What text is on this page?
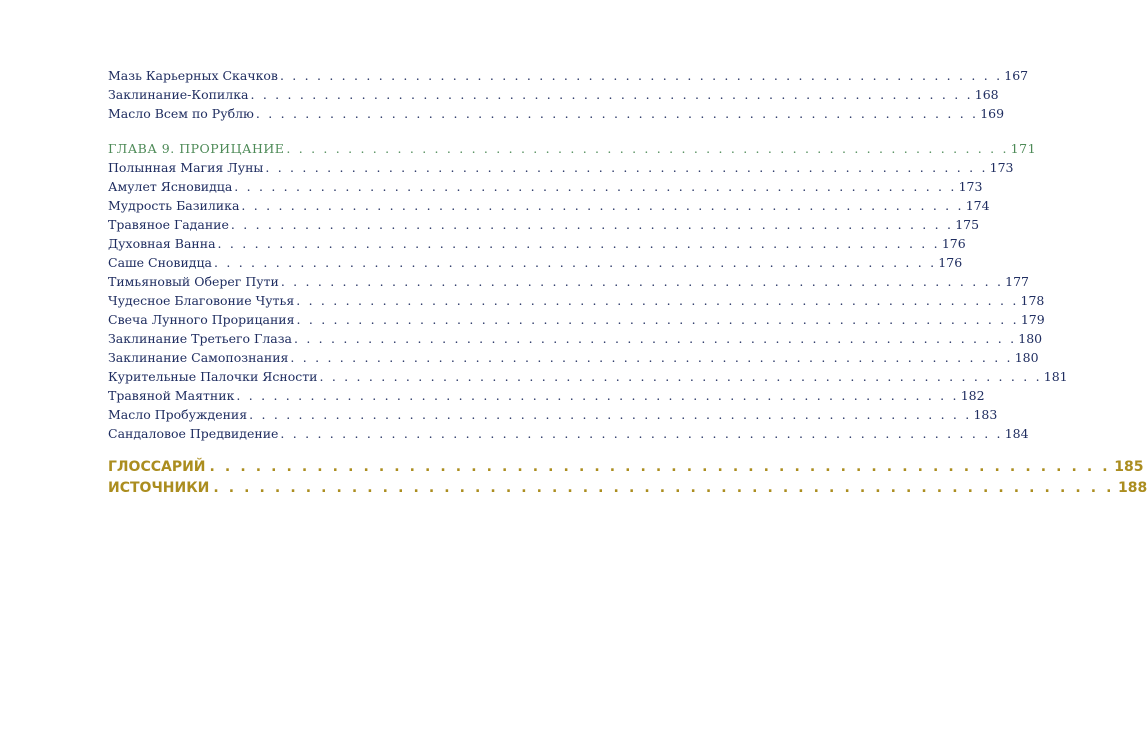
Мазь Карьерных Скачков . . . . . . . . . . . . . . . . . . . . . . . . . . . . . . . . . . . . . . . . . . . . . . . . . . . . . . . . . . . 167
Заклинание-Копилка . . . . . . . . . . . . . . . . . . . . . . . . . . . . . . . . . . . . . . . . . . . . . . . . . . . . . . . . . . . 168
Масло Всем по Рублю . . . . . . . . . . . . . . . . . . . . . . . . . . . . . . . . . . . . . . . . . . . . . . . . . . . . . . . . . . . 169
ГЛАВА 9. ПРОРИЦАНИЕ . . . . . . . . . . . . . . . . . . . . . . . . . . . . . . . . . . . . . . . . . . . . . . . . . . . . . . . . . . . 171
Полынная Магия Луны . . . . . . . . . . . . . . . . . . . . . . . . . . . . . . . . . . . . . . . . . . . . . . . . . . . . . . . . . . . 173
Амулет Ясновидца . . . . . . . . . . . . . . . . . . . . . . . . . . . . . . . . . . . . . . . . . . . . . . . . . . . . . . . . . . . 173
Мудрость Базилика . . . . . . . . . . . . . . . . . . . . . . . . . . . . . . . . . . . . . . . . . . . . . . . . . . . . . . . . . . . 174
Травяное Гадание . . . . . . . . . . . . . . . . . . . . . . . . . . . . . . . . . . . . . . . . . . . . . . . . . . . . . . . . . . . 175
Духовная Ванна . . . . . . . . . . . . . . . . . . . . . . . . . . . . . . . . . . . . . . . . . . . . . . . . . . . . . . . . . . . 176
Саше Сновидца . . . . . . . . . . . . . . . . . . . . . . . . . . . . . . . . . . . . . . . . . . . . . . . . . . . . . . . . . . . 176
Тимьяновый Оберег Пути . . . . . . . . . . . . . . . . . . . . . . . . . . . . . . . . . . . . . . . . . . . . . . . . . . . . . . . . . . . 177
Чудесное Благовоние Чутья . . . . . . . . . . . . . . . . . . . . . . . . . . . . . . . . . . . . . . . . . . . . . . . . . . . . . . . . . . . 178
Свеча Лунного Прорицания . . . . . . . . . . . . . . . . . . . . . . . . . . . . . . . . . . . . . . . . . . . . . . . . . . . . . . . . . . . 179
Заклинание Третьего Глаза . . . . . . . . . . . . . . . . . . . . . . . . . . . . . . . . . . . . . . . . . . . . . . . . . . . . . . . . . . . 180
Заклинание Самопознания . . . . . . . . . . . . . . . . . . . . . . . . . . . . . . . . . . . . . . . . . . . . . . . . . . . . . . . . . . . 180
Курительные Палочки Ясности . . . . . . . . . . . . . . . . . . . . . . . . . . . . . . . . . . . . . . . . . . . . . . . . . . . . . . . . . . . 181
Травяной Маятник . . . . . . . . . . . . . . . . . . . . . . . . . . . . . . . . . . . . . . . . . . . . . . . . . . . . . . . . . . . 182
Масло Пробуждения . . . . . . . . . . . . . . . . . . . . . . . . . . . . . . . . . . . . . . . . . . . . . . . . . . . . . . . . . . . 183
Сандаловое Предвидение . . . . . . . . . . . . . . . . . . . . . . . . . . . . . . . . . . . . . . . . . . . . . . . . . . . . . . . . . . . 184
ГЛОССАРИЙ . . . . . . . . . . . . . . . . . . . . . . . . . . . . . . . . . . . . . . . . . . . . . . . . . . . . . . . . . . . 185
ИСТОЧНИКИ . . . . . . . . . . . . . . . . . . . . . . . . . . . . . . . . . . . . . . . . . . . . . . . . . . . . . . . . . . . 188
